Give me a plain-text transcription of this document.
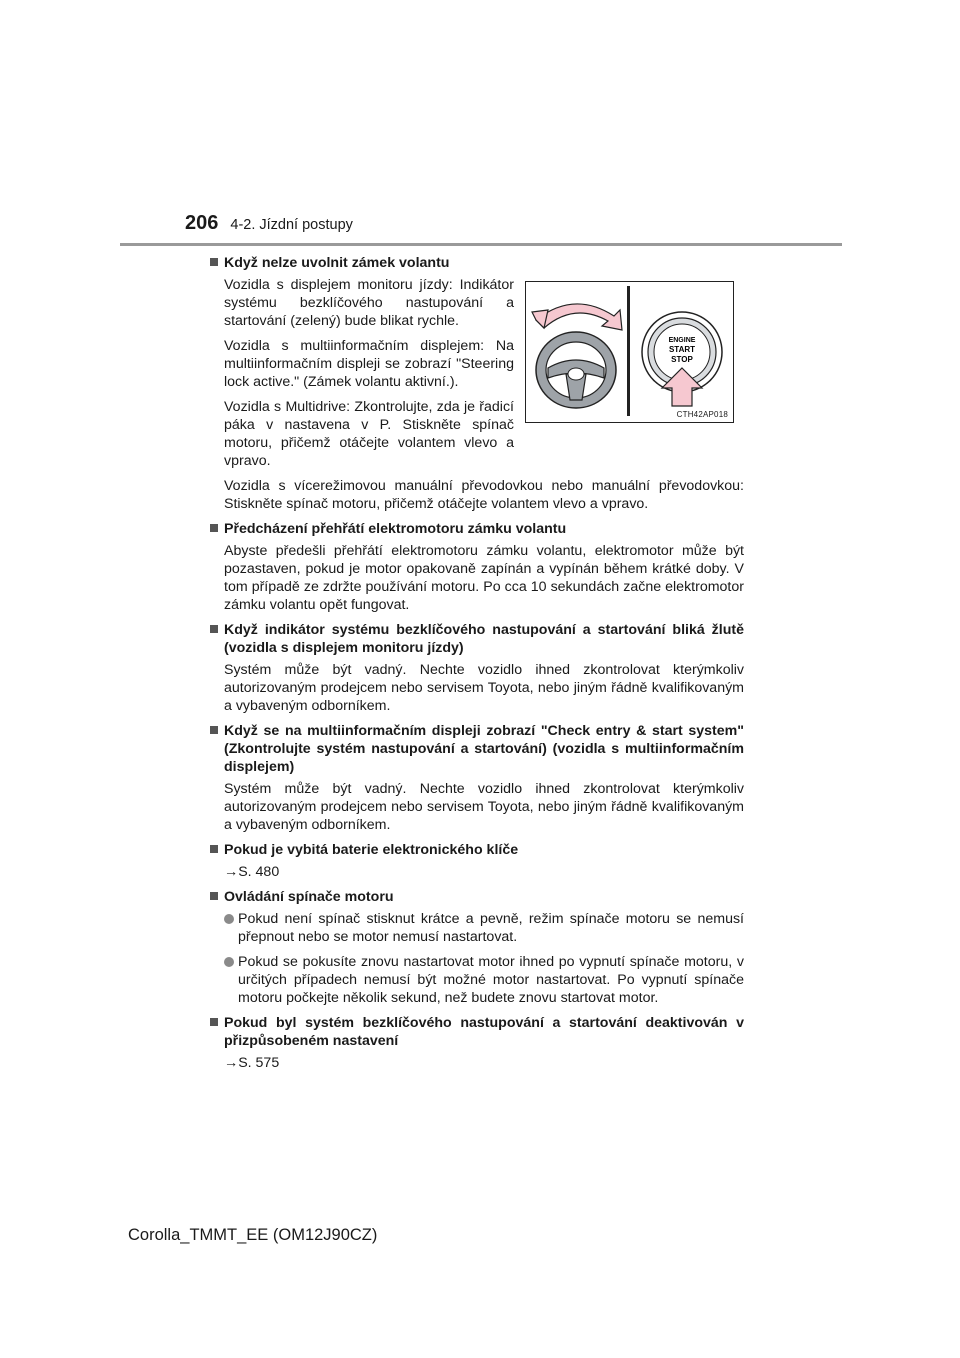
206 4-2. Jízdní postupy
ENGINE
START
STOP
CTH42AP018
Když nelze uvolnit zámek volantu
Vozidla s displejem monitoru jízdy: Indikátor systému bezklíčového nastupování a startování (zelený) bude blikat rychle.
Vozidla s multiinformačním displejem: Na multiinformačním displeji se zobrazí "Steering lock active." (Zámek volantu aktivní.).
Vozidla s Multidrive: Zkontrolujte, zda je řadicí páka v nastavena v P. Stiskněte spínač motoru, přičemž otáčejte volantem vlevo a vpravo.
Vozidla s vícerežimovou manuální převodovkou nebo manuální převodovkou: Stiskněte spínač motoru, přičemž otáčejte volantem vlevo a vpravo.
Předcházení přehřátí elektromotoru zámku volantu
Abyste předešli přehřátí elektromotoru zámku volantu, elektromotor může být pozastaven, pokud je motor opakovaně zapínán a vypínán během krátké doby. V tom případě ze zdržte používání motoru. Po cca 10 sekundách začne elektromotor zámku volantu opět fungovat.
Když indikátor systému bezklíčového nastupování a startování bliká žlutě (vozidla s displejem monitoru jízdy)
Systém může být vadný. Nechte vozidlo ihned zkontrolovat kterýmkoliv autorizovaným prodejcem nebo servisem Toyota, nebo jiným řádně kvalifikovaným a vybaveným odborníkem.
Když se na multiinformačním displeji zobrazí "Check entry & start system" (Zkontrolujte systém nastupování a startování) (vozidla s multiinformačním displejem)
Systém může být vadný. Nechte vozidlo ihned zkontrolovat kterýmkoliv autorizovaným prodejcem nebo servisem Toyota, nebo jiným řádně kvalifikovaným a vybaveným odborníkem.
Pokud je vybitá baterie elektronického klíče
→S. 480
Ovládání spínače motoru
Pokud není spínač stisknut krátce a pevně, režim spínače motoru se nemusí přepnout nebo se motor nemusí nastartovat.
Pokud se pokusíte znovu nastartovat motor ihned po vypnutí spínače motoru, v určitých případech nemusí být možné motor nastartovat. Po vypnutí spínače motoru počkejte několik sekund, než budete znovu startovat motor.
Pokud byl systém bezklíčového nastupování a startování deaktivován v přizpůsobeném nastavení
→S. 575
Corolla_TMMT_EE (OM12J90CZ)
